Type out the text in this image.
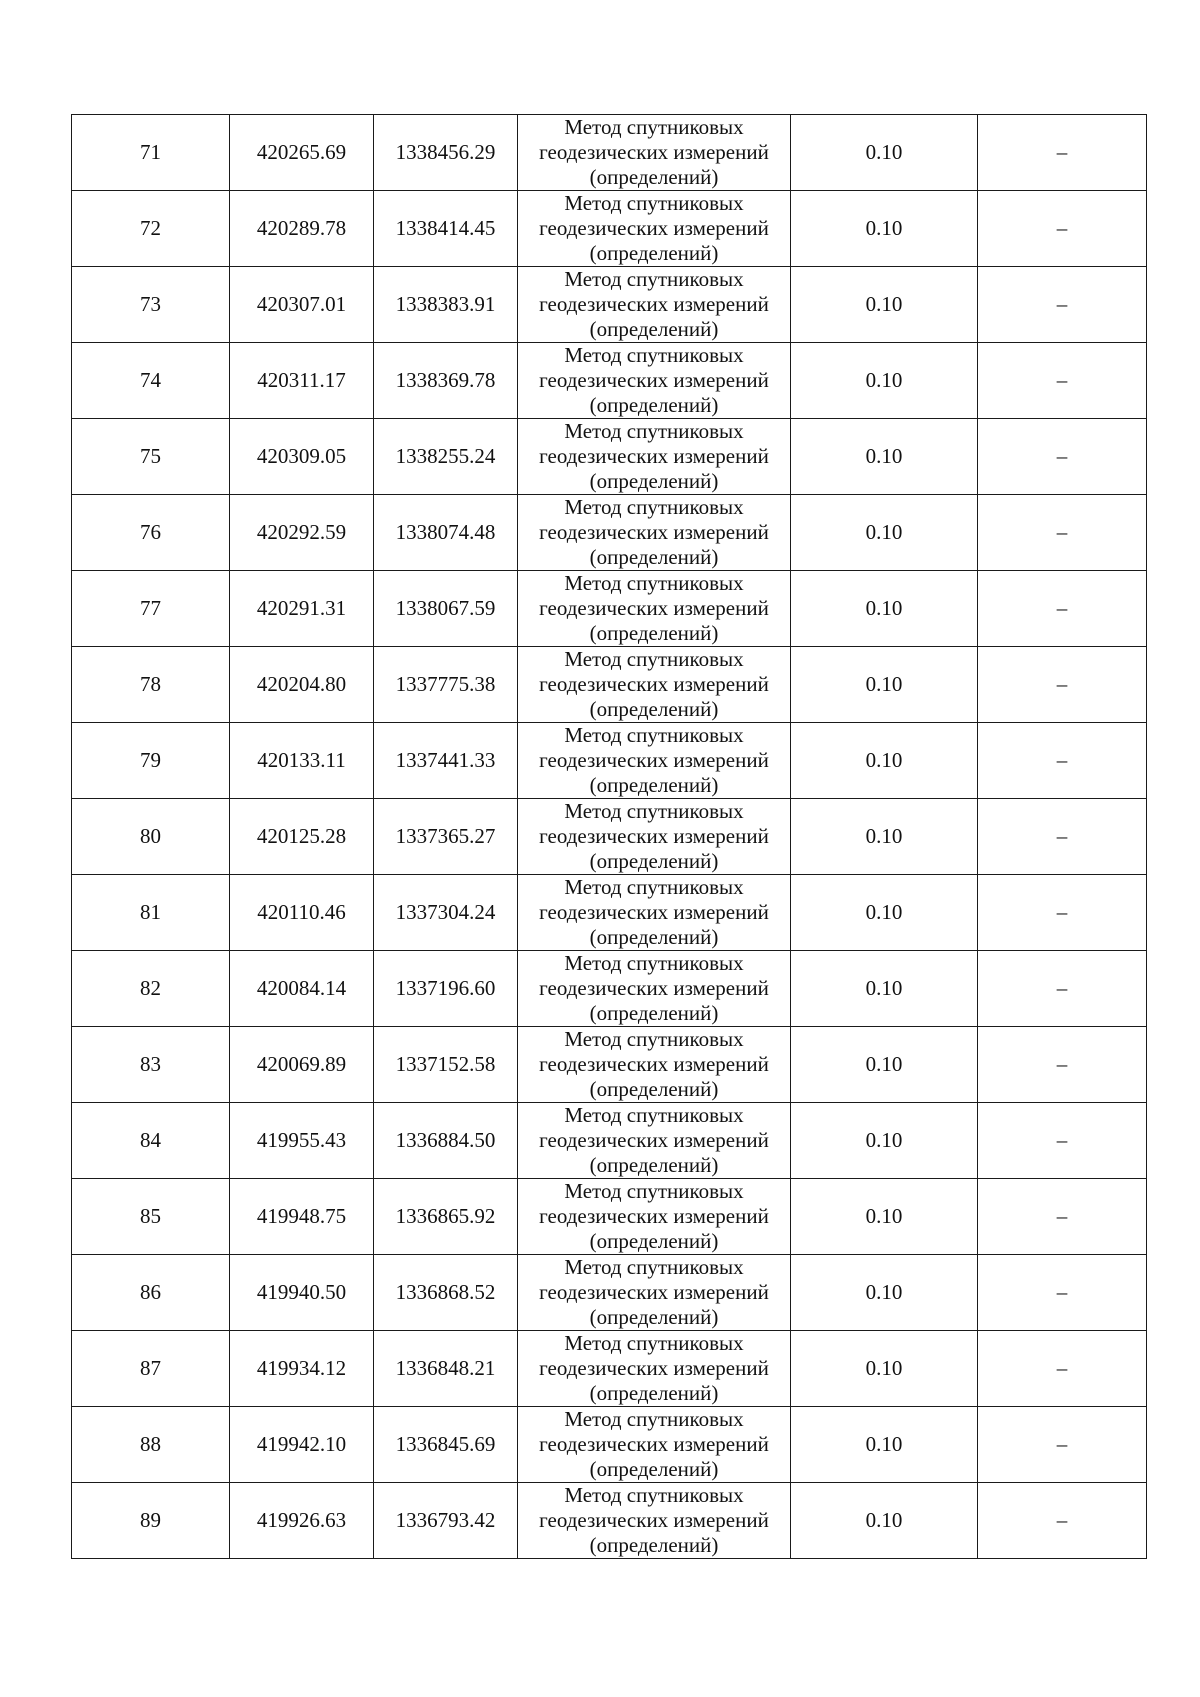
71	420265.69	1338456.29	Метод спутниковых
геодезических измерений
(определений)	0.10	–
72	420289.78	1338414.45	Метод спутниковых
геодезических измерений
(определений)	0.10	–
73	420307.01	1338383.91	Метод спутниковых
геодезических измерений
(определений)	0.10	–
74	420311.17	1338369.78	Метод спутниковых
геодезических измерений
(определений)	0.10	–
75	420309.05	1338255.24	Метод спутниковых
геодезических измерений
(определений)	0.10	–
76	420292.59	1338074.48	Метод спутниковых
геодезических измерений
(определений)	0.10	–
77	420291.31	1338067.59	Метод спутниковых
геодезических измерений
(определений)	0.10	–
78	420204.80	1337775.38	Метод спутниковых
геодезических измерений
(определений)	0.10	–
79	420133.11	1337441.33	Метод спутниковых
геодезических измерений
(определений)	0.10	–
80	420125.28	1337365.27	Метод спутниковых
геодезических измерений
(определений)	0.10	–
81	420110.46	1337304.24	Метод спутниковых
геодезических измерений
(определений)	0.10	–
82	420084.14	1337196.60	Метод спутниковых
геодезических измерений
(определений)	0.10	–
83	420069.89	1337152.58	Метод спутниковых
геодезических измерений
(определений)	0.10	–
84	419955.43	1336884.50	Метод спутниковых
геодезических измерений
(определений)	0.10	–
85	419948.75	1336865.92	Метод спутниковых
геодезических измерений
(определений)	0.10	–
86	419940.50	1336868.52	Метод спутниковых
геодезических измерений
(определений)	0.10	–
87	419934.12	1336848.21	Метод спутниковых
геодезических измерений
(определений)	0.10	–
88	419942.10	1336845.69	Метод спутниковых
геодезических измерений
(определений)	0.10	–
89	419926.63	1336793.42	Метод спутниковых
геодезических измерений
(определений)	0.10	–
